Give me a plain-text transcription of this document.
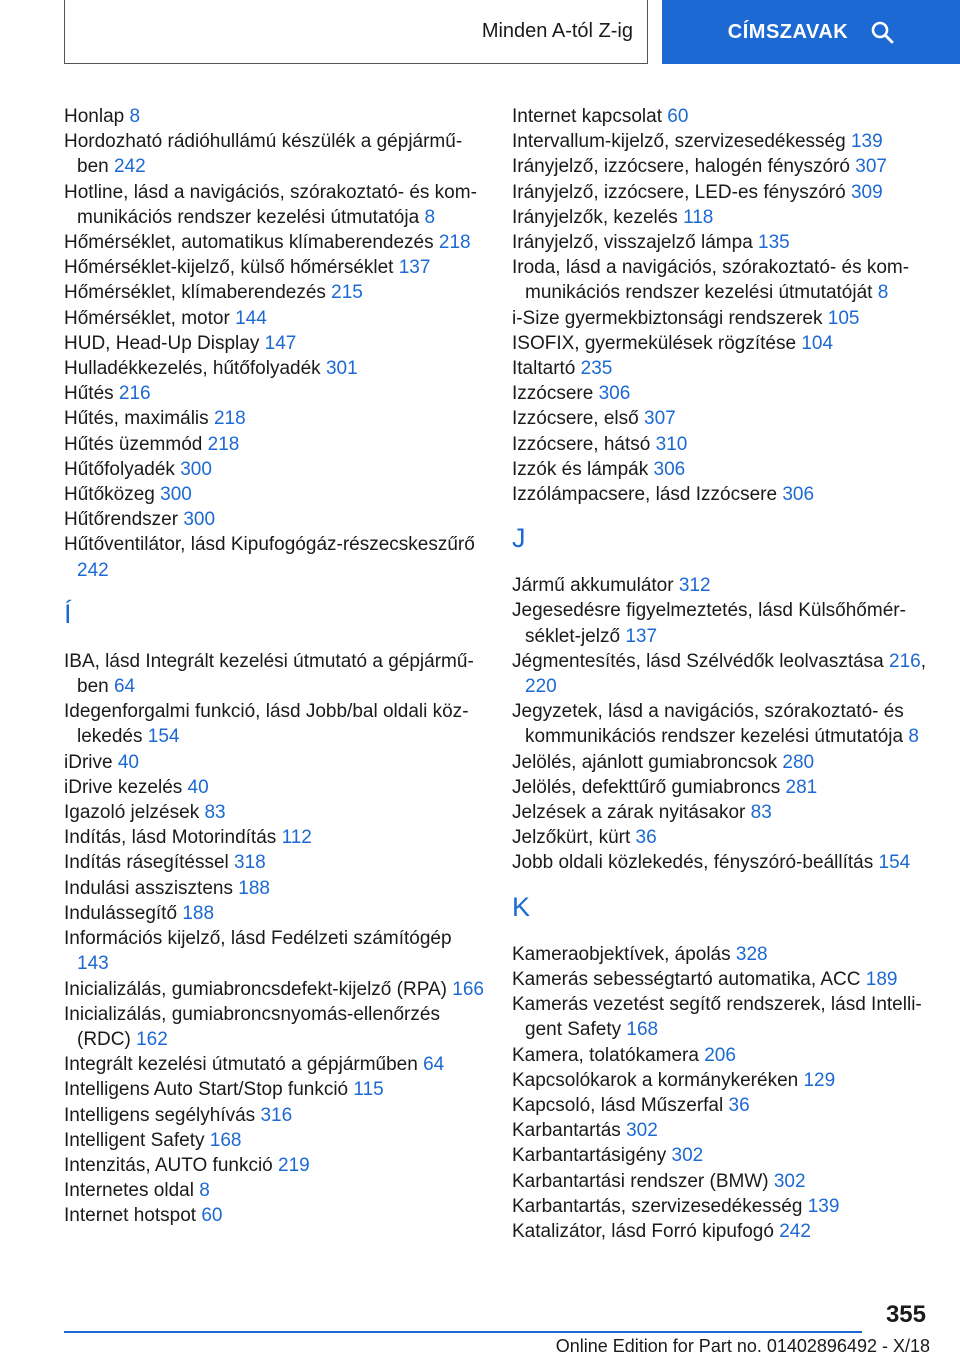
Minden A-tól Z-ig	CÍMSZAVAK
Honlap 8
Hordozható rádióhullámú készülék a gépjárműben 242
Hotline, lásd a navigációs, szórakoztató- és kommunikációs rendszer kezelési útmutatója 8
Hőmérséklet, automatikus klímaberendezés 218
Hőmérséklet-kijelző, külső hőmérséklet 137
Hőmérséklet, klímaberendezés 215
Hőmérséklet, motor 144
HUD, Head-Up Display 147
Hulladékkezelés, hűtőfolyadék 301
Hűtés 216
Hűtés, maximális 218
Hűtés üzemmód 218
Hűtőfolyadék 300
Hűtőközeg 300
Hűtőrendszer 300
Hűtőventilátor, lásd Kipufogógáz-részecskeszűrő 242
Í
IBA, lásd Integrált kezelési útmutató a gépjárműben 64
Idegenforgalmi funkció, lásd Jobb/bal oldali közlekedés 154
iDrive 40
iDrive kezelés 40
Igazoló jelzések 83
Indítás, lásd Motorindítás 112
Indítás rásegítéssel 318
Indulási asszisztens 188
Indulássegítő 188
Információs kijelző, lásd Fedélzeti számítógép 143
Inicializálás, gumiabroncsdefekt-kijelző (RPA) 166
Inicializálás, gumiabroncsnyomás-ellenőrzés (RDC) 162
Integrált kezelési útmutató a gépjárműben 64
Intelligens Auto Start/Stop funkció 115
Intelligens segélyhívás 316
Intelligent Safety 168
Intenzitás, AUTO funkció 219
Internetes oldal 8
Internet hotspot 60
Internet kapcsolat 60
Intervallum-kijelző, szervizesedékesség 139
Irányjelző, izzócsere, halogén fényszóró 307
Irányjelző, izzócsere, LED-es fényszóró 309
Irányjelzők, kezelés 118
Irányjelző, visszajelző lámpa 135
Iroda, lásd a navigációs, szórakoztató- és kommunikációs rendszer kezelési útmutatóját 8
i-Size gyermekbiztonsági rendszerek 105
ISOFIX, gyermekülések rögzítése 104
Italtartó 235
Izzócsere 306
Izzócsere, első 307
Izzócsere, hátsó 310
Izzók és lámpák 306
Izzólámpacsere, lásd Izzócsere 306
J
Jármű akkumulátor 312
Jegesedésre figyelmeztetés, lásd Külsőhőmérséklet-jelző 137
Jégmentesítés, lásd Szélvédők leolvasztása 216, 220
Jegyzetek, lásd a navigációs, szórakoztató- és kommunikációs rendszer kezelési útmutatója 8
Jelölés, ajánlott gumiabroncsok 280
Jelölés, defekttűrő gumiabroncs 281
Jelzések a zárak nyitásakor 83
Jelzőkürt, kürt 36
Jobb oldali közlekedés, fényszóró-beállítás 154
K
Kameraobjektívek, ápolás 328
Kamerás sebességtartó automatika, ACC 189
Kamerás vezetést segítő rendszerek, lásd Intelligent Safety 168
Kamera, tolatókamera 206
Kapcsolókarok a kormánykeréken 129
Kapcsoló, lásd Műszerfal 36
Karbantartás 302
Karbantartásigény 302
Karbantartási rendszer (BMW) 302
Karbantartás, szervizesedékesség 139
Katalizátor, lásd Forró kipufogó 242
355
Online Edition for Part no. 01402896492 - X/18
